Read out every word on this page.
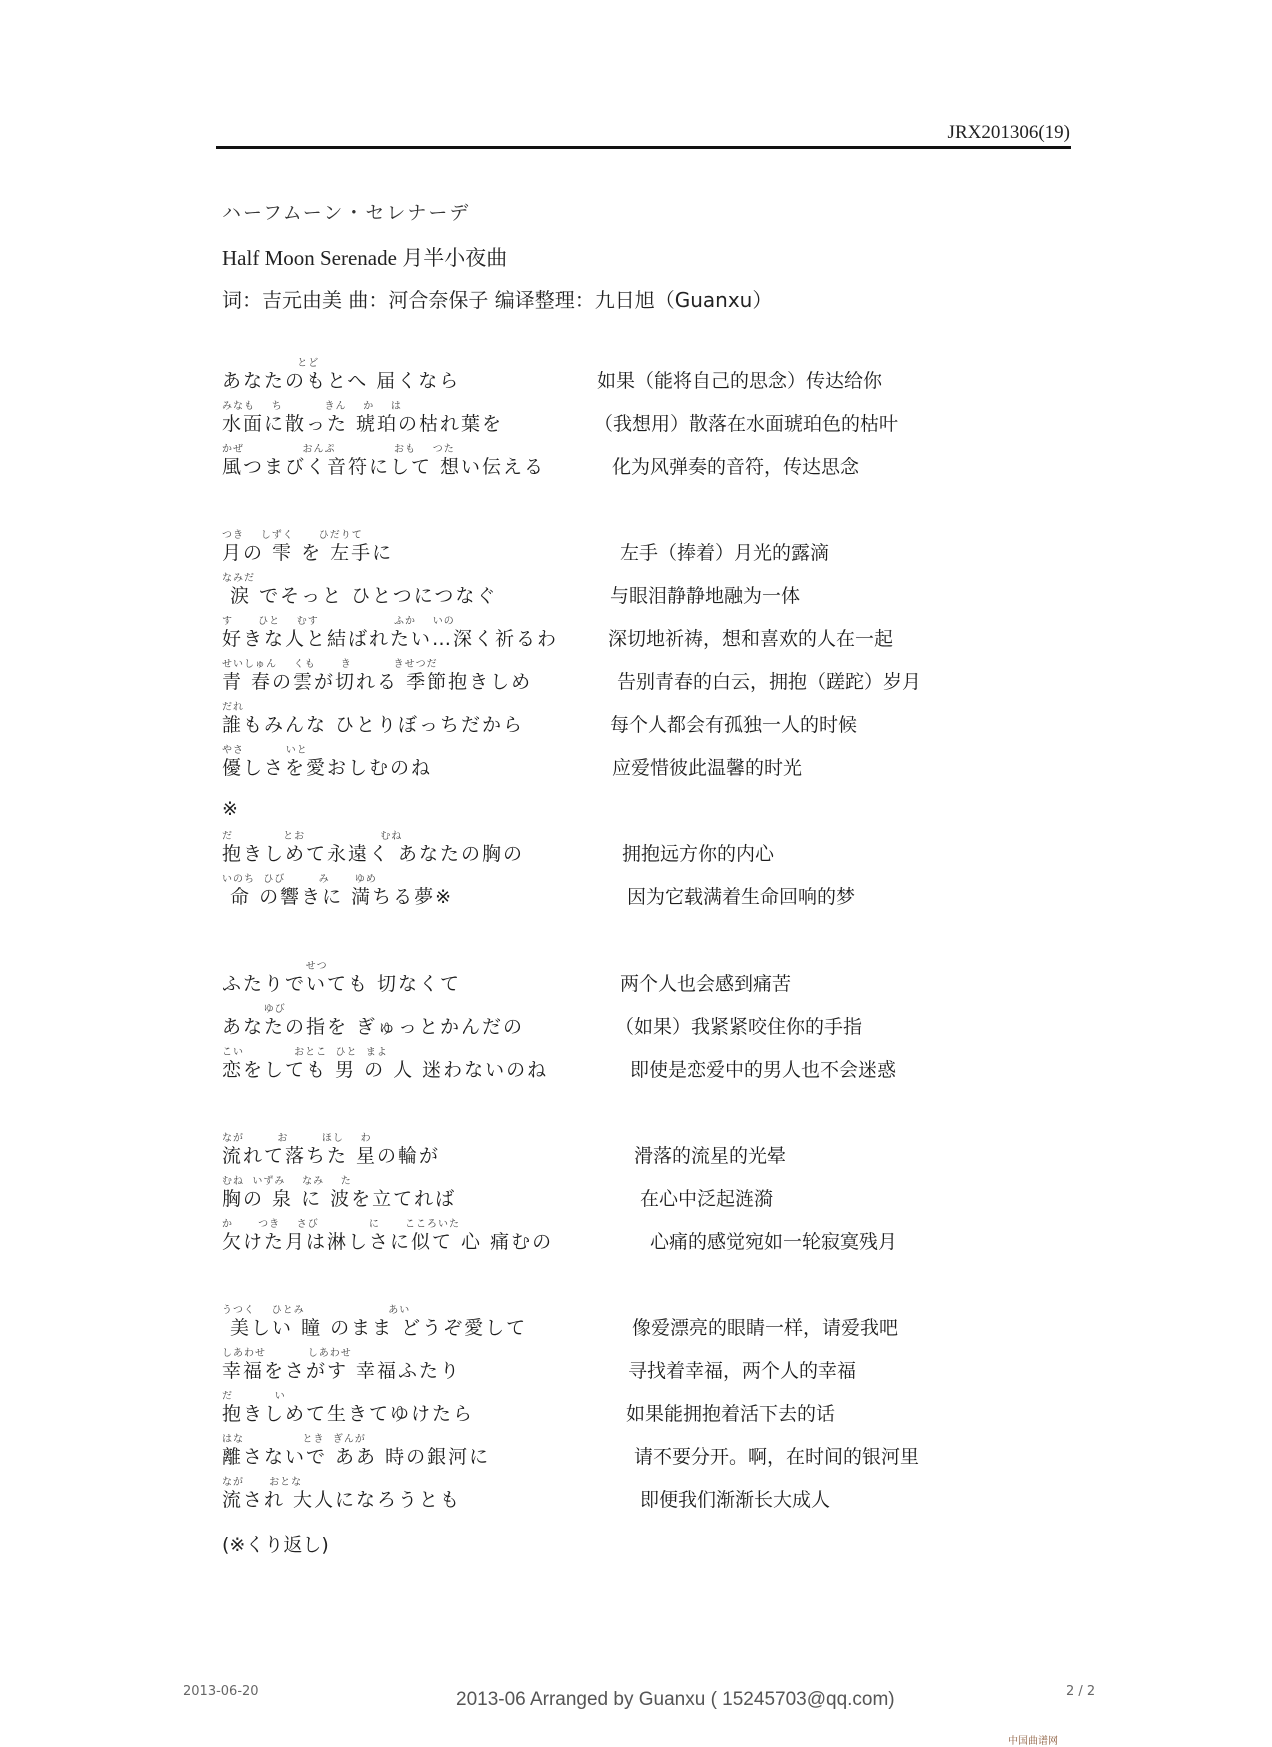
JRX201306(19)
ハーフムーン・セレナーデ
Half Moon Serenade 月半小夜曲
词：吉元由美 曲：河合奈保子 编译整理：九日旭（Guanxu）
とど
あなたのもとへ 届くなら	如果（能将自己的思念）传达给你
みなも    ち          きん    か    は
水面に散った 琥珀の枯れ葉を	（我想用）散落在水面琥珀色的枯叶
かぜ              おんぷ              おも    つた
風つまびく音符にして 想い伝える	化为风弹奏的音符，传达思念
つき    しずく      ひだりて
月の 雫 を 左手に	左手（捧着）月光的露滴
なみだ
涙 でそっと ひとつにつなぐ	与眼泪静静地融为一体
す      ひと    むす                  ふか    いの
好きな人と結ばれたい…深く祈るわ	深切地祈祷，想和喜欢的人在一起
せいしゅん    くも      き          きせつだ
青 春の雲が切れる 季節抱きしめ	告别青春的白云，拥抱（蹉跎）岁月
だれ
誰もみんな ひとりぼっちだから	每个人都会有孤独一人的时候
やさ          いと
優しさを愛おしむのね	应爱惜彼此温馨的时光
だ            とお                  むね
抱きしめて永遠く あなたの胸の	拥抱远方你的内心
いのち  ひび        み      ゆめ
命 の響きに 満ちる夢※	因为它载满着生命回响的梦
せつ
ふたりでいても 切なくて	两个人也会感到痛苦
ゆび
あなたの指を ぎゅっとかんだの	（如果）我紧紧咬住你的手指
こい            おとこ  ひと  まよ
恋をしても 男 の 人 迷わないのね	即使是恋爱中的男人也不会迷惑
なが        お        ほし    わ
流れて落ちた 星の輪が	滑落的流星的光晕
むね  いずみ    なみ    た
胸の 泉 に 波を立てれば	在心中泛起涟漪
か      つき    さび            に      こころいた
欠けた月は淋しさに似て 心 痛むの	心痛的感觉宛如一轮寂寞残月
うつく    ひとみ                    あい
美しい 瞳 のまま どうぞ愛して	像爱漂亮的眼睛一样，请爱我吧
しあわせ          しあわせ
幸福をさがす 幸福ふたり	寻找着幸福，两个人的幸福
だ          い
抱きしめて生きてゆけたら	如果能拥抱着活下去的话
はな              とき  ぎんが
離さないで ああ 時の銀河に	请不要分开。啊，在时间的银河里
なが      おとな
流され 大人になろうとも	即便我们渐渐长大成人
※
(※くり返し)
2013-06-20	2013-06 Arranged by Guanxu ( 15245703@qq.com)	2 / 2
中国曲谱网
